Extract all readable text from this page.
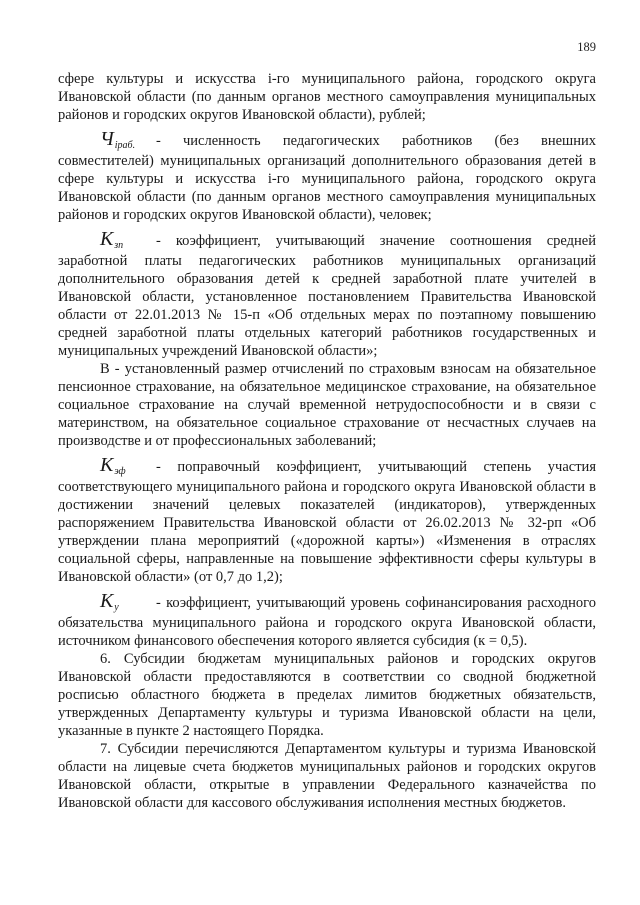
189

сфере культуры и искусства i-го муниципального района, городского округа Ивановской области (по данным органов местного самоуправления муниципальных районов и городских округов Ивановской области), рублей;

$Ч_{iраб.}$ - численность педагогических работников (без внешних совместителей) муниципальных организаций дополнительного образования детей в сфере культуры и искусства i-го муниципального района, городского округа Ивановской области (по данным органов местного самоуправления муниципальных районов и городских округов Ивановской области), человек;

$К_{зп}$ - коэффициент, учитывающий значение соотношения средней заработной платы педагогических работников муниципальных организаций дополнительного образования детей к средней заработной плате учителей в Ивановской области, установленное постановлением Правительства Ивановской области от 22.01.2013 № 15-п «Об отдельных мерах по поэтапному повышению средней заработной платы отдельных категорий работников государственных и муниципальных учреждений Ивановской области»;

В - установленный размер отчислений по страховым взносам на обязательное пенсионное страхование, на обязательное медицинское страхование, на обязательное социальное страхование на случай временной нетрудоспособности и в связи с материнством, на обязательное социальное страхование от несчастных случаев на производстве и от профессиональных заболеваний;

$К_{эф}$ - поправочный коэффициент, учитывающий степень участия соответствующего муниципального района и городского округа Ивановской области в достижении значений целевых показателей (индикаторов), утвержденных распоряжением Правительства Ивановской области от 26.02.2013 № 32-рп «Об утверждении плана мероприятий («дорожной карты») «Изменения в отраслях социальной сферы, направленные на повышение эффективности сферы культуры в Ивановской области» (от 0,7 до 1,2);

$К_у$	- коэффициент, учитывающий уровень софинансирования расходного обязательства муниципального района и городского округа Ивановской области, источником финансового обеспечения которого является субсидия (к = 0,5).

6. Субсидии бюджетам муниципальных районов и городских округов Ивановской области предоставляются в соответствии со сводной бюджетной росписью областного бюджета в пределах лимитов бюджетных обязательств, утвержденных Департаменту культуры и туризма Ивановской области на цели, указанные в пункте 2 настоящего Порядка.

7. Субсидии перечисляются Департаментом культуры и туризма Ивановской области на лицевые счета бюджетов муниципальных районов и городских округов Ивановской области, открытые в управлении Федерального казначейства по Ивановской области для кассового обслуживания исполнения местных бюджетов.
